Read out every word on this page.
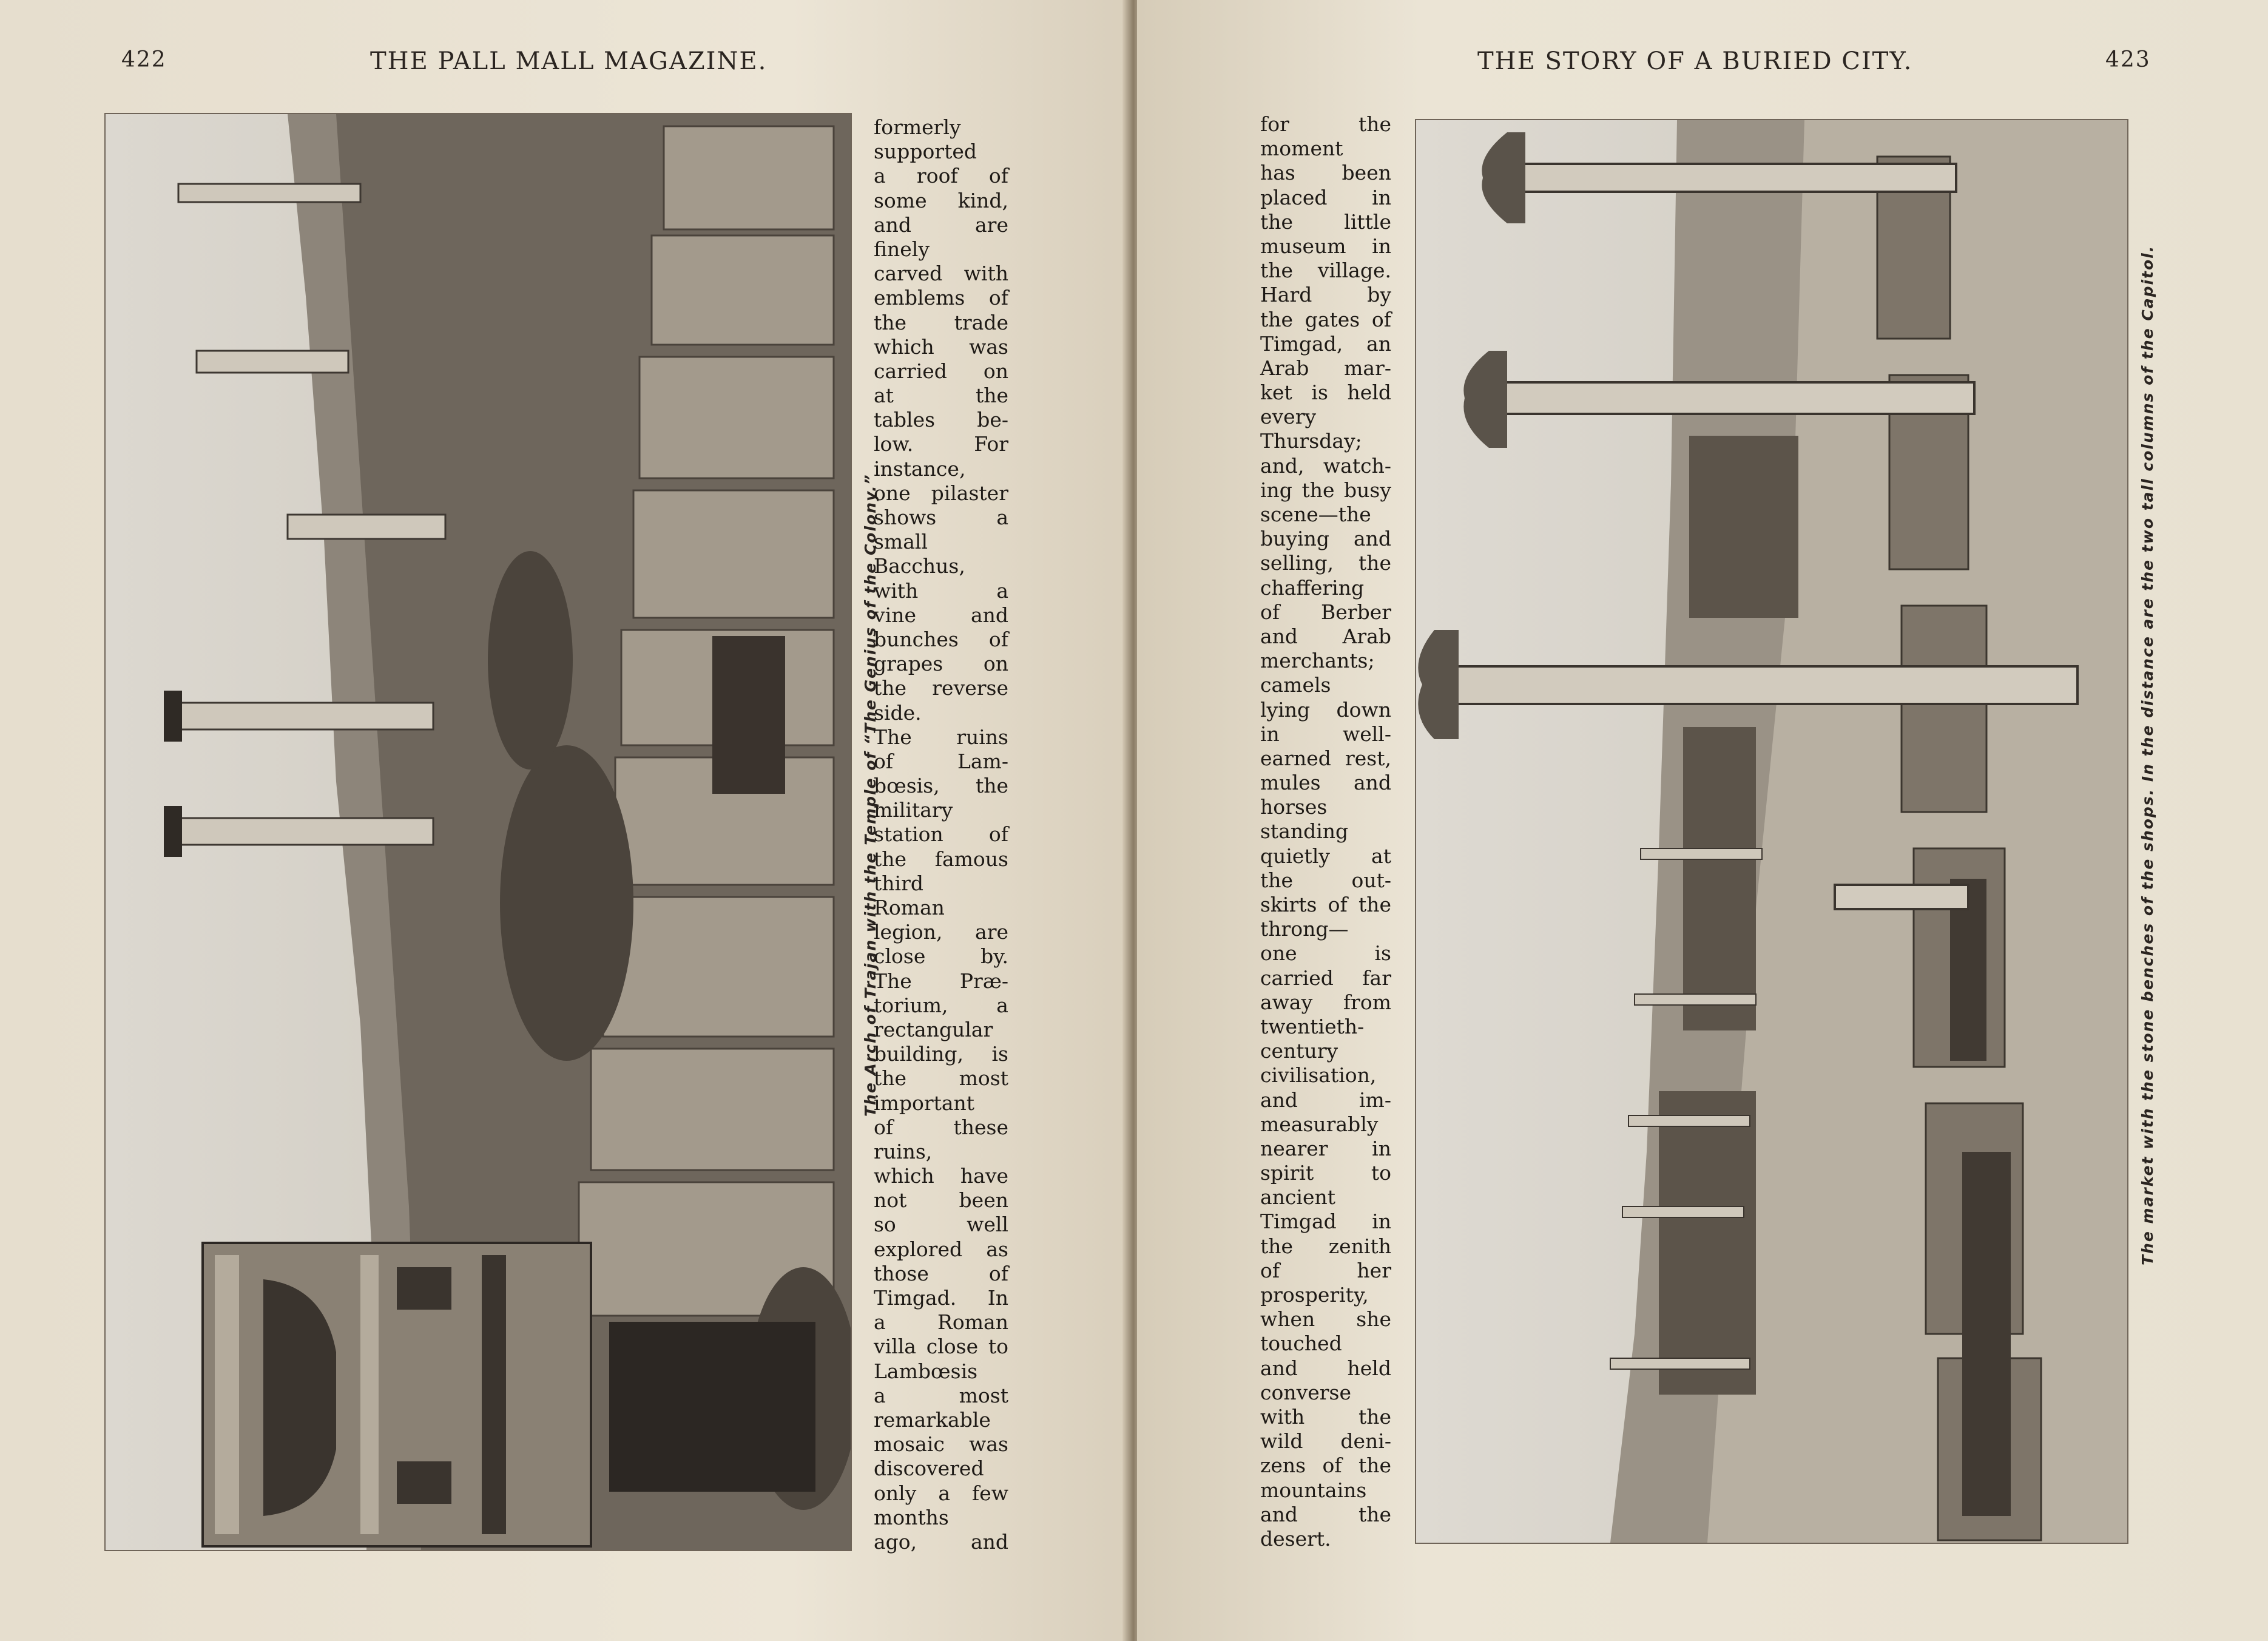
422	THE PALL MALL MAGAZINE.
The Arch of Trajan with the Temple of “The Genius of the Colony.”
formerly
supported
a roof of
some kind,
and are
finely
carved with
emblems of
the trade
which was
carried on
at the
tables be-
low. For
instance,
one pilaster
shows a
small
Bacchus,
with a
vine and
bunches of
grapes on
the reverse
side.
The ruins
of Lam-
bœsis, the
military
station of
the famous
third
Roman
legion, are
close by.
The Præ-
torium, a
rectangular
building, is
the most
important
of these
ruins,
which have
not been
so well
explored as
those of
Timgad. In
a Roman
villa close to
Lambœsis
a most
remarkable
mosaic was
discovered
only a few
months
ago, and
423
THE STORY OF A BURIED CITY.
for the
moment
has been
placed in
the little
museum in
the village.
Hard by
the gates of
Timgad, an
Arab mar-
ket is held
every
Thursday;
and, watch-
ing the busy
scene—the
buying and
selling, the
chaffering
of Berber
and Arab
merchants;
camels
lying down
in well-
earned rest,
mules and
horses
standing
quietly at
the out-
skirts of the
throng—
one is
carried far
away from
twentieth-
century
civilisation,
and im-
measurably
nearer in
spirit to
ancient
Timgad in
the zenith
of her
prosperity,
when she
touched
and held
converse
with the
wild deni-
zens of the
mountains
and the
desert.
The market with the stone benches of the shops. In the distance are the two tall columns of the Capitol.
